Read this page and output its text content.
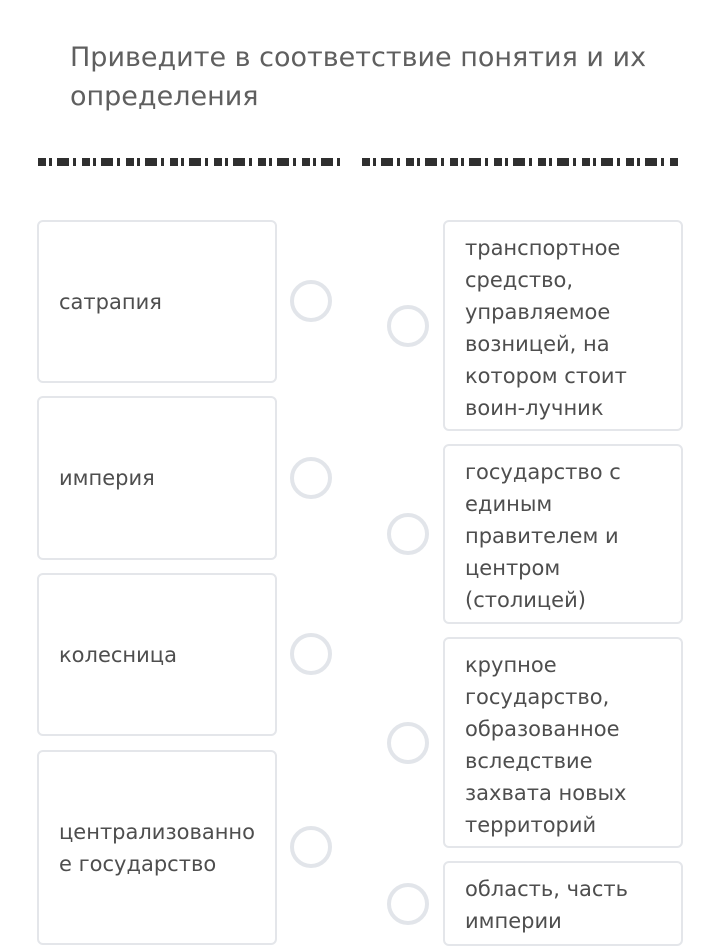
Приведите в соответствие понятия и их определения
сатрапия
империя
колесница
централизованное государство
транспортное средство, управляемое возницей, на котором стоит воин-лучник
государство с единым правителем и центром (столицей)
крупное государство, образованное вследствие захвата новых территорий
область, часть империи
